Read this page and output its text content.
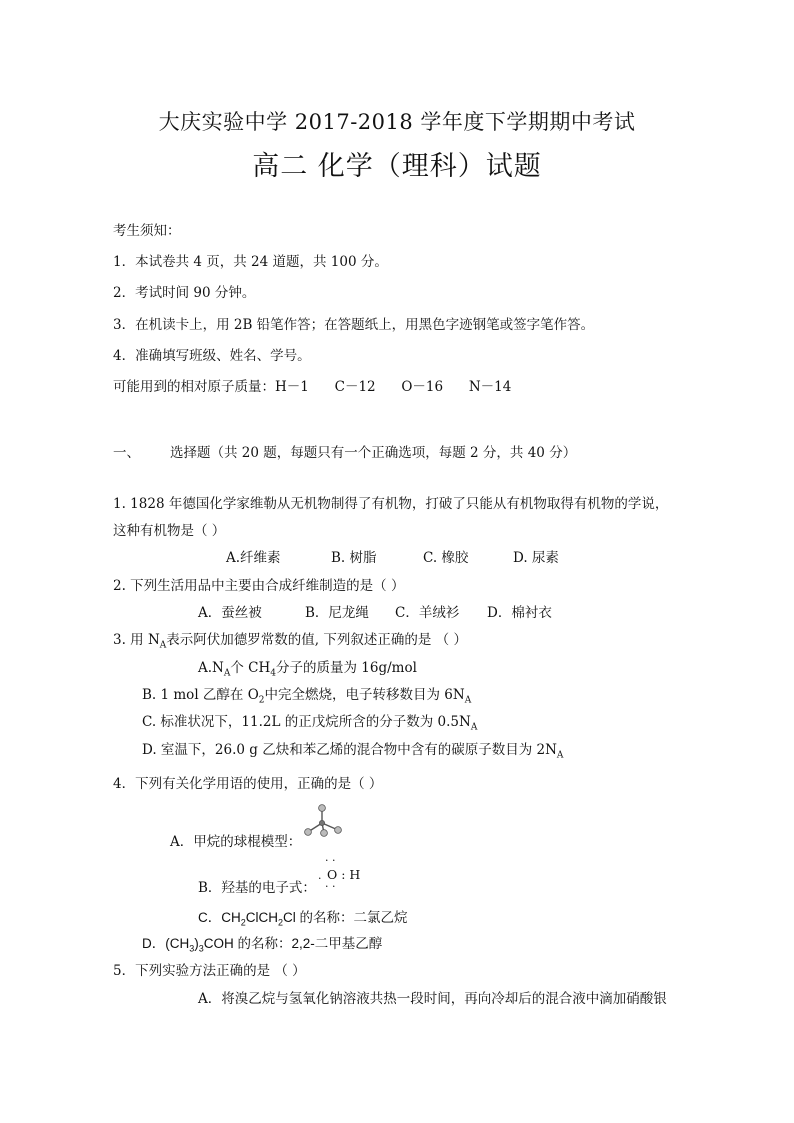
大庆实验中学 2017-2018 学年度下学期期中考试
高二 化学（理科）试题
考生须知：
1．本试卷共 4 页，共 24 道题，共 100 分。
2．考试时间 90 分钟。
3．在机读卡上，用 2B 铅笔作答；在答题纸上，用黑色字迹钢笔或签字笔作答。
4．准确填写班级、姓名、学号。
可能用到的相对原子质量：H－1      C－12      O－16      N－14
一、 选择题（共 20 题，每题只有一个正确选项，每题 2 分，共 40 分）
1. 1828 年德国化学家维勒从无机物制得了有机物，打破了只能从有机物取得有机物的学说，
这种有机物是（ ）
A.纤维素	B. 树脂	C. 橡胶	D. 尿素
2. 下列生活用品中主要由合成纤维制造的是（ ）
A．蚕丝被	B．尼龙绳 C．羊绒衫 D．棉衬衣
3. 用 $N_A$表示阿伏加德罗常数的值, 下列叙述正确的是 （ ）
$A.N_A$个 $CH_4$分子的质量为 16g/mol
B. 1 mol 乙醇在 $O_2$中完全燃烧，电子转移数目为 $6N_A$
C. 标准状况下，11.2L 的正戊烷所含的分子数为 $0.5N_A$
D. 室温下，26.0 g 乙炔和苯乙烯的混合物中含有的碳原子数目为 $2N_A$
4．下列有关化学用语的使用，正确的是（ ）
A．甲烷的球棍模型：
B．羟基的电子式：
· ·
· O : H
· ·
C．$CH_2ClCH_2Cl$ 的名称：二氯乙烷
D．$(CH_3)_3COH$ 的名称：2,2-二甲基乙醇
5．下列实验方法正确的是 （ ）
A．将溴乙烷与氢氧化钠溶液共热一段时间，再向冷却后的混合液中滴加硝酸银
